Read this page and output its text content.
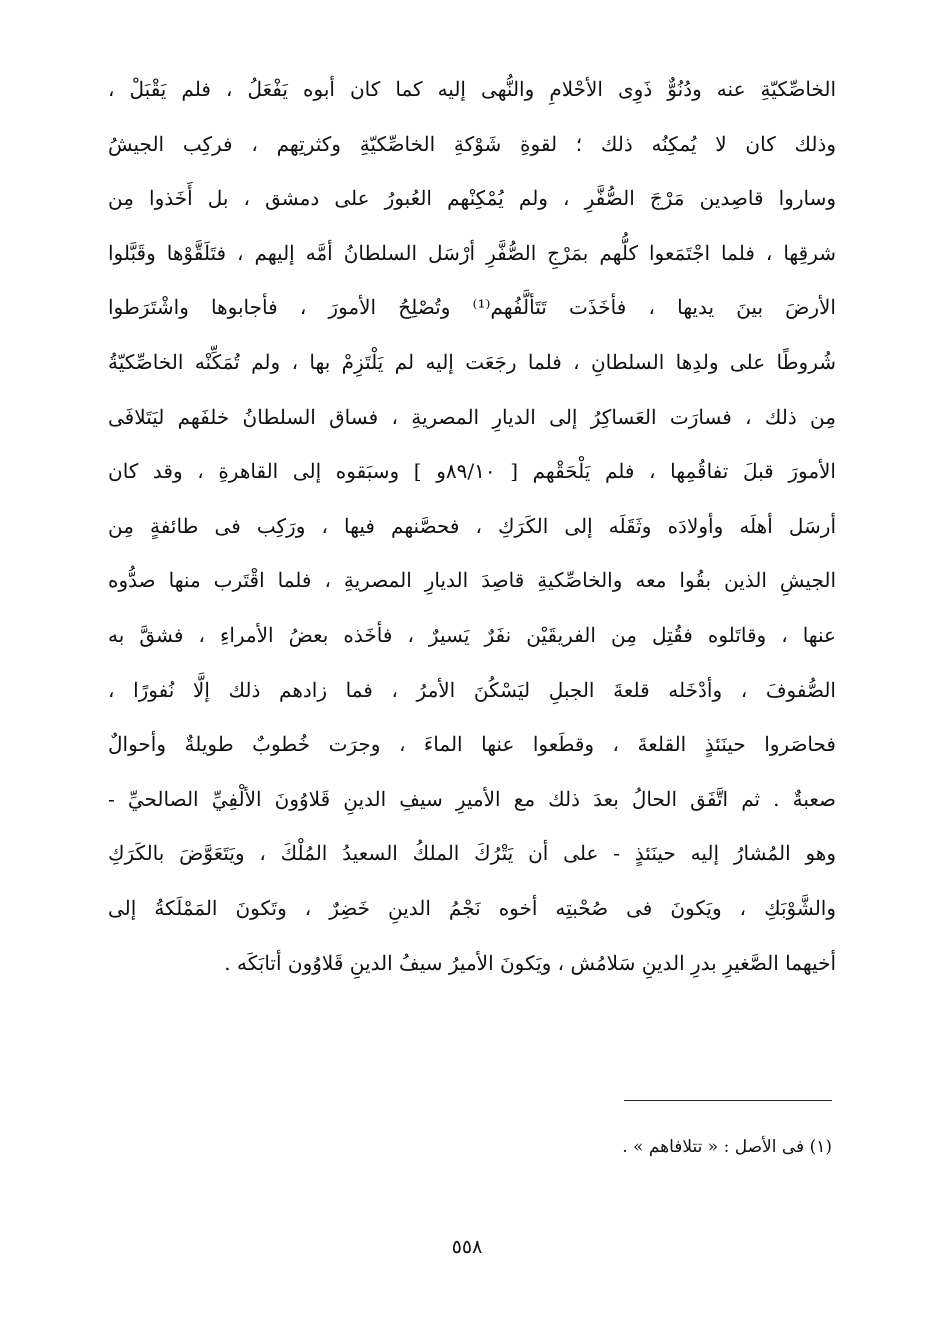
الخاصِّكيّةِ عنه ودُنُوٌّ ذَوِى الأحْلامِ والنُّهى إليه كما كان أبوه يَفْعَلُ ، فلم يَقْبَلْ ،
وذلك كان لا يُمكِنُه ذلك ؛ لقوةِ شَوْكةِ الخاصِّكيّةِ وكثرتِهم ، فركِب الجيشُ
وساروا قاصِدين مَرْجَ الصُّفَّرِ ، ولم يُمْكِنْهم العُبورُ على دمشق ، بل أَخَذوا مِن
شرقِها ، فلما اجْتَمَعوا كلُّهم بمَرْجِ الصُّفَّرِ أرْسَل السلطانُ أمَّه إليهم ، فتَلَقَّوْها وقَبَّلوا
الأرضَ بينَ يديها ، فأخَذَت تَتَألَّفُهم⁽¹⁾ وتُصْلِحُ الأمورَ ، فأجابوها واشْتَرَطوا
شُروطًا على ولدِها السلطانِ ، فلما رجَعَت إليه لم يَلْتَزِمْ بها ، ولم تُمَكِّنْه الخاصِّكيّةُ
مِن ذلك ، فسارَت العَساكِرُ إلى الديارِ المصريةِ ، فساق السلطانُ خلفَهم ليَتَلافَى
الأمورَ قبلَ تفاقُمِها ، فلم يَلْحَقْهم [ ٨٩/١٠و ] وسبَقوه إلى القاهرةِ ، وقد كان
أرسَل أهلَه وأولادَه وثَقَلَه إلى الكَرَكِ ، فحصَّنهم فيها ، ورَكِب فى طائفةٍ مِن
الجيشِ الذين بقُوا معه والخاصِّكيةِ قاصِدَ الديارِ المصريةِ ، فلما اقْتَرب منها صدُّوه
عنها ، وقاتَلوه فقُتِل مِن الفريقَيْن نفَرٌ يَسيرٌ ، فأخَذه بعضُ الأمراءِ ، فشقَّ به
الصُّفوفَ ، وأدْخَله قلعةَ الجبلِ ليَسْكُنَ الأمرُ ، فما زادهم ذلك إلَّا نُفورًا ،
فحاصَروا حينَئذٍ القلعةَ ، وقطَعوا عنها الماءَ ، وجرَت خُطوبٌ طويلةٌ وأحوالٌ
صعبةٌ . ثم اتَّفَق الحالُ بعدَ ذلك مع الأميرِ سيفِ الدينِ قَلاوُونَ الألْفِيِّ الصالحيِّ -
وهو المُشارُ إليه حينَئذٍ - على أن يَتْرُكَ الملكُ السعيدُ المُلْكَ ، ويَتَعَوَّضَ بالكَرَكِ
والشَّوْبَكِ ، ويَكونَ فى صُحْبتِه أخوه نَجْمُ الدينِ خَضِرٌ ، وتَكونَ المَمْلَكةُ إلى
أخيهما الصَّغيرِ بدرِ الدينِ سَلامُش ، ويَكونَ الأميرُ سيفُ الدينِ قَلاوُون أتابَكَه .
(١) فى الأصل : « تتلافاهم » .
٥٥٨
